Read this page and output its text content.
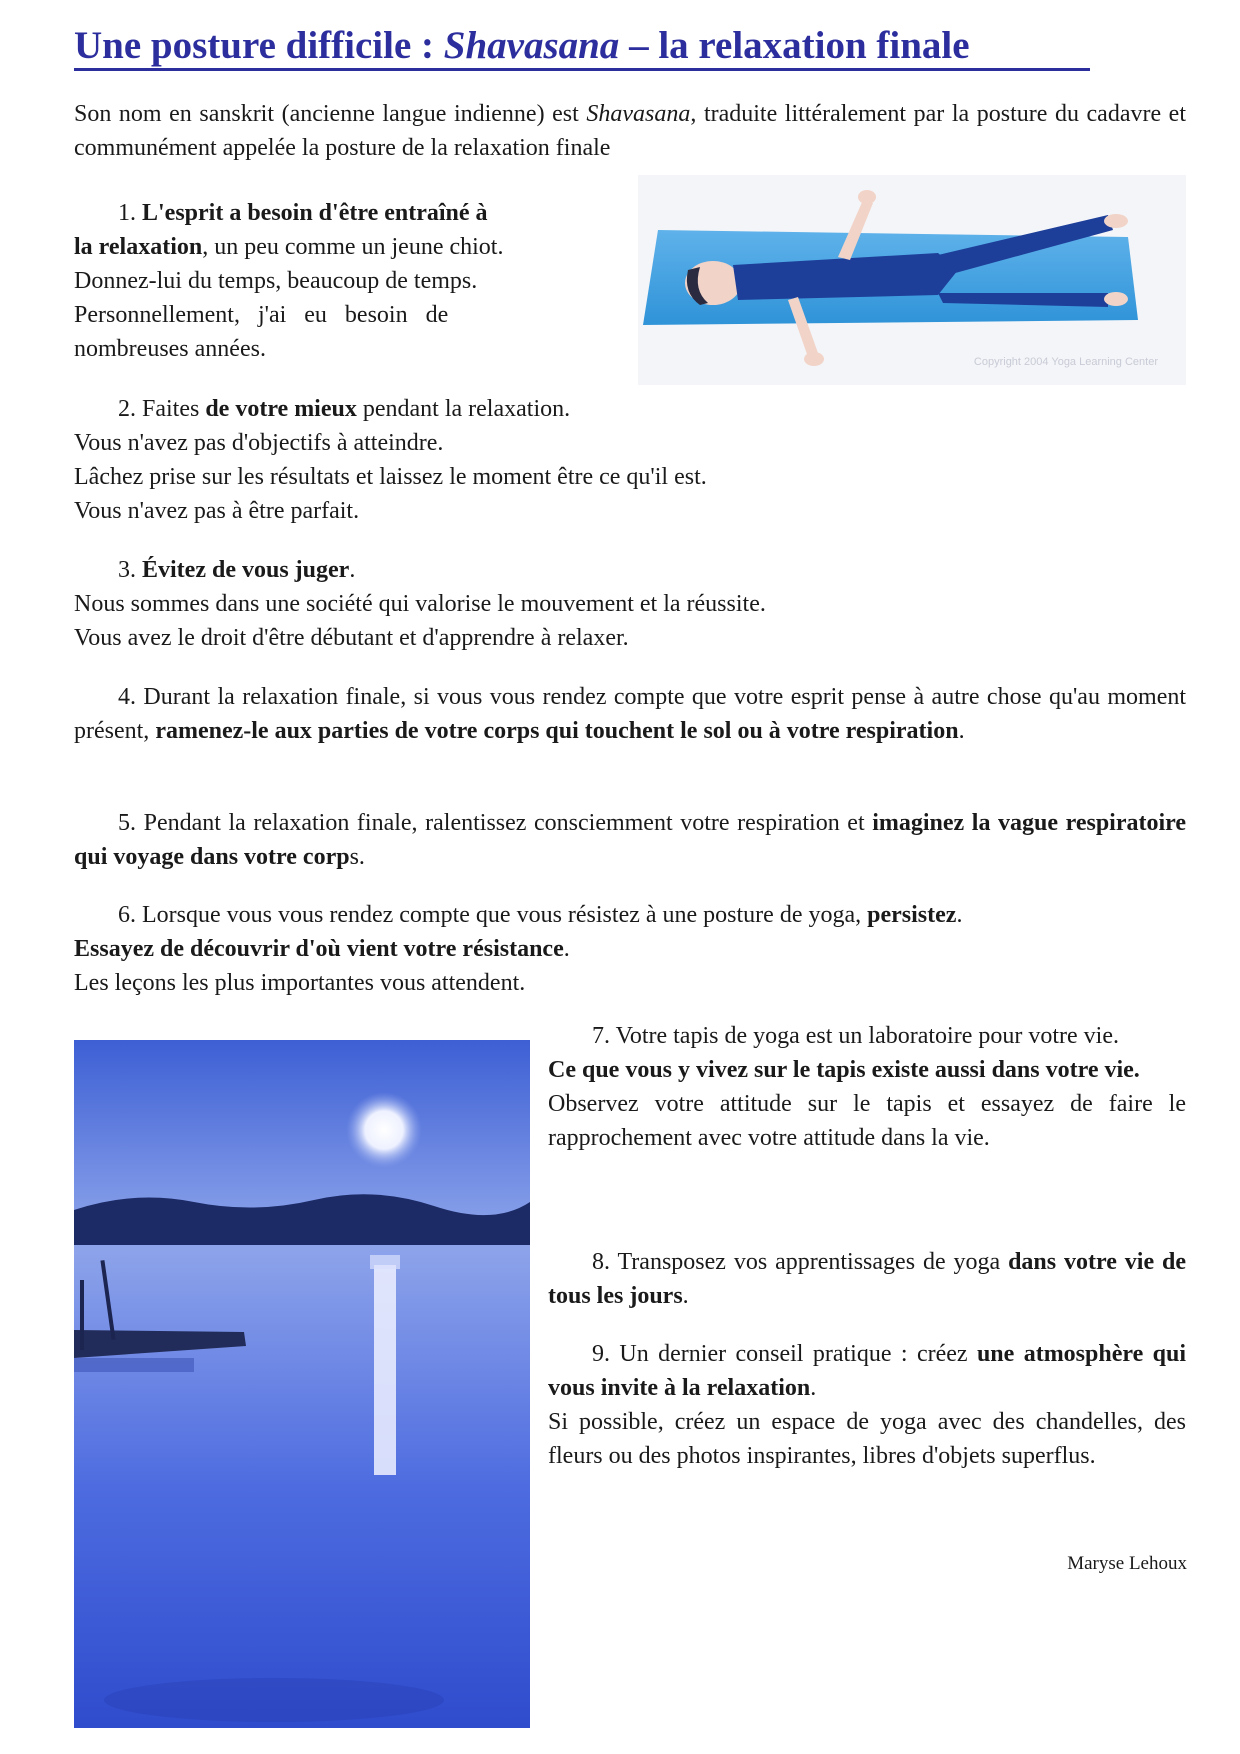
Une posture difficile : Shavasana – la relaxation finale

Son nom en sanskrit (ancienne langue indienne) est Shavasana, traduite littéralement par la posture du cadavre et communément appelée la posture de la relaxation finale

1. L'esprit a besoin d'être entraîné à
la relaxation, un peu comme un jeune chiot.
Donnez-lui du temps, beaucoup de temps.
Personnellement,   j'ai   eu   besoin   de
nombreuses années.	Copyright 2004 Yoga Learning Center
2. Faites de votre mieux pendant la relaxation.
Vous n'avez pas d'objectifs à atteindre.
Lâchez prise sur les résultats et laissez le moment être ce qu'il est.
Vous n'avez pas à être parfait.
3. Évitez de vous juger.
Nous sommes dans une société qui valorise le mouvement et la réussite.
Vous avez le droit d'être débutant et d'apprendre à relaxer.

4. Durant la relaxation finale, si vous vous rendez compte que votre esprit pense à autre chose qu'au moment présent, ramenez-le aux parties de votre corps qui touchent le sol ou à votre respiration.

5. Pendant la relaxation finale, ralentissez consciemment votre respiration et imaginez la vague respiratoire qui voyage dans votre corps.

6. Lorsque vous vous rendez compte que vous résistez à une posture de yoga, persistez.
Essayez de découvrir d'où vient votre résistance.
Les leçons les plus importantes vous attendent.
7. Votre tapis de yoga est un laboratoire pour votre vie.
Ce que vous y vivez sur le tapis existe aussi dans votre vie.
Observez votre attitude sur le tapis et essayez de faire le rapprochement avec votre attitude dans la vie.

8. Transposez vos apprentissages de yoga dans votre vie de tous les jours.

9. Un dernier conseil pratique : créez une atmosphère qui vous invite à la relaxation.
Si possible, créez un espace de yoga avec des chandelles, des fleurs ou des photos inspirantes, libres d'objets superflus.
Maryse Lehoux
